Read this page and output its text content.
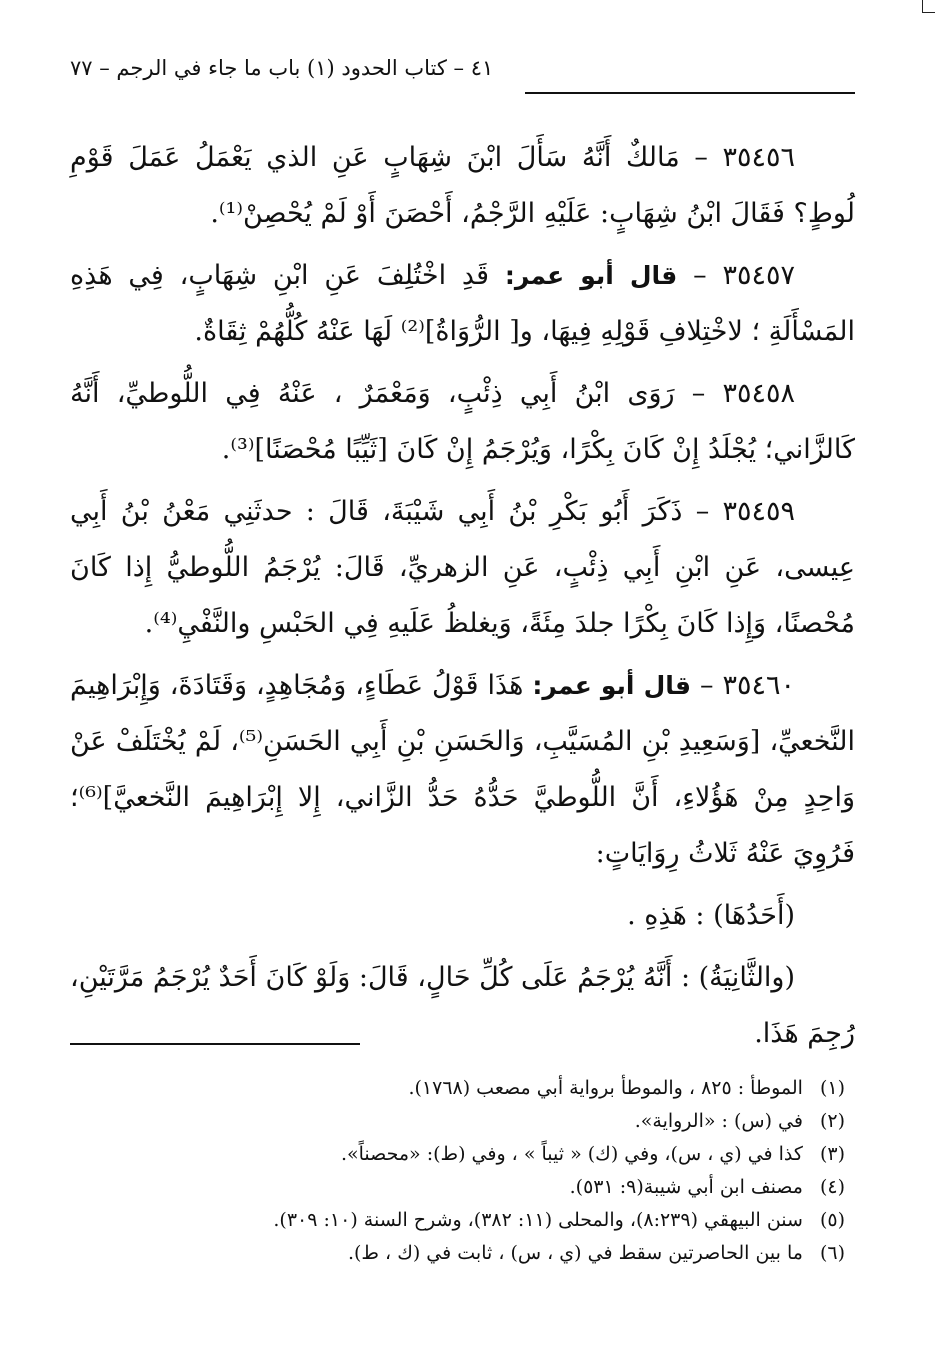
٤١ – كتاب الحدود (١) باب ما جاء في الرجم – ٧٧

٣٥٤٥٦ – مَالكٌ أَنَّهُ سَأَلَ ابْنَ شِهَابٍ عَنِ الذي يَعْمَلُ عَمَلَ قَوْمِ لُوطٍ؟ فَقَالَ ابْنُ شِهَابٍ: عَلَيْهِ الرَّجْمُ، أَحْصَنَ أَوْ لَمْ يُحْصِنْ⁽¹⁾.

٣٥٤٥٧ – قال أبو عمر: قَدِ اخْتُلِفَ عَنِ ابْنِ شِهَابٍ، فِي هَذِهِ المَسْأَلَةِ ؛ لاخْتِلافِ قَوْلِهِ فِيهَا، و[ الرُّوَاةُ]⁽²⁾ لَهَا عَنْهُ كُلُّهُمْ ثِقَاةٌ.

٣٥٤٥٨ – رَوَى ابْنُ أَبِي ذِئْبٍ، وَمَعْمَرٌ ، عَنْهُ فِي اللُّوطيِّ، أَنَّهُ كَالزَّاني؛ يُجْلَدُ إِنْ كَانَ بِكْرًا، وَيُرْجَمُ إِنْ كَانَ [ثَيِّبًا مُحْصَنًا]⁽³⁾.

٣٥٤٥٩ – ذَكَرَ أَبُو بَكْرِ بْنُ أَبِي شَيْبَةَ، قَالَ : حدثَنِي مَعْنُ بْنُ أَبِي عِيسى، عَنِ ابْنِ أَبِي ذِئْبٍ، عَنِ الزهريِّ، قَالَ: يُرْجَمُ اللُّوطيُّ إِذا كَانَ مُحْصنًا، وَإِذا كَانَ بِكْرًا جلدَ مِئَةً، وَيغلظُ عَلَيهِ فِي الحَبْسِ والنَّفْيِ⁽⁴⁾.

٣٥٤٦٠ – قال أبو عمر: هَذَا قَوْلُ عَطَاءٍ، وَمُجَاهِدٍ، وَقَتَادَةَ، وَإِبْرَاهِيمَ النَّخعيِّ، [وَسَعِيدِ بْنِ المُسَيَّبِ، وَالحَسَنِ بْنِ أَبِي الحَسَنِ⁽⁵⁾، لَمْ يُخْتَلَفْ عَنْ وَاحِدٍ مِنْ هَؤُلاءِ، أَنَّ اللُّوطيَّ حَدُّهُ حَدُّ الزَّاني، إِلا إِبْرَاهِيمَ النَّخعيَّ]⁽⁶⁾؛ فَرُوِيَ عَنْهُ ثَلاثُ رِوَايَاتٍ:

(أَحَدُهَا) : هَذِهِ .

(والثَّانِيَةُ) : أَنَّهُ يُرْجَمُ عَلَى كُلِّ حَالٍ، قَالَ: وَلَوْ كَانَ أَحَدٌ يُرْجَمُ مَرَّتَيْنِ، رُجِمَ هَذَا.

(١) الموطأ : ٨٢٥ ، والموطأ برواية أبي مصعب (١٧٦٨).

(٢) في (س) : «الرواية».

(٣) كذا في (ي ، س)، وفي (ك) « ثيباً » ، وفي (ط): «محصناً».

(٤) مصنف ابن أبي شيبة(٩: ٥٣١).

(٥) سنن البيهقي (٨:٢٣٩)، والمحلى (١١: ٣٨٢)، وشرح السنة (١٠: ٣٠٩).

(٦) ما بين الحاصرتين سقط في (ي ، س) ، ثابت في (ك ، ط).
